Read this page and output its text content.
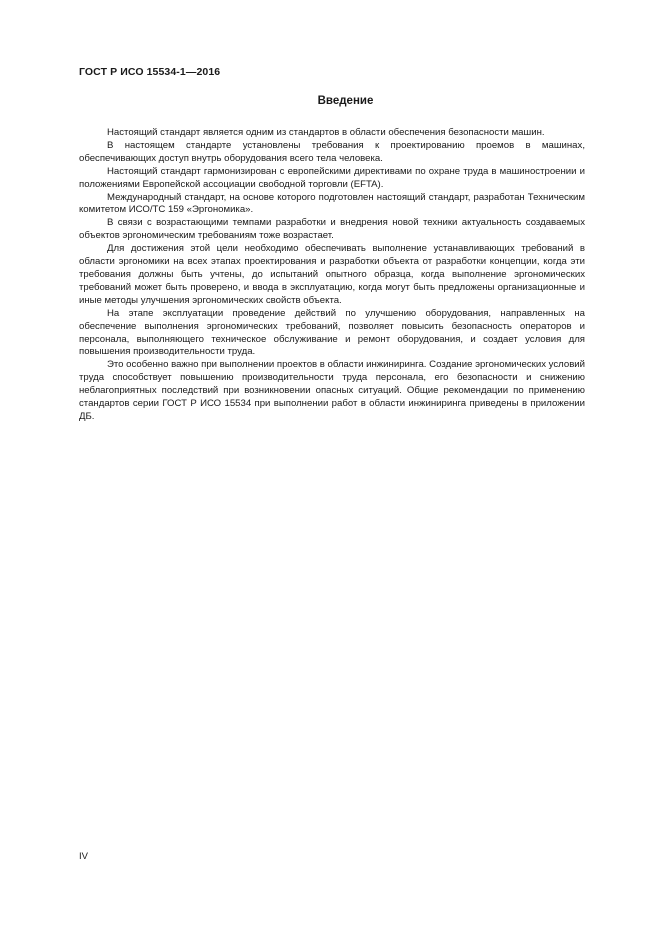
ГОСТ Р ИСО 15534-1—2016
Введение

Настоящий стандарт является одним из стандартов в области обеспечения безопасности машин.

В настоящем стандарте установлены требования к проектированию проемов в машинах, обеспечивающих доступ внутрь оборудования всего тела человека.

Настоящий стандарт гармонизирован с европейскими директивами по охране труда в машиностроении и положениями Европейской ассоциации свободной торговли (EFTA).

Международный стандарт, на основе которого подготовлен настоящий стандарт, разработан Техническим комитетом ИСО/ТС 159 «Эргономика».

В связи с возрастающими темпами разработки и внедрения новой техники актуальность создаваемых объектов эргономическим требованиям тоже возрастает.

Для достижения этой цели необходимо обеспечивать выполнение устанавливающих требований в области эргономики на всех этапах проектирования и разработки объекта от разработки концепции, когда эти требования должны быть учтены, до испытаний опытного образца, когда выполнение эргономических требований может быть проверено, и ввода в эксплуатацию, когда могут быть предложены организационные и иные методы улучшения эргономических свойств объекта.

На этапе эксплуатации проведение действий по улучшению оборудования, направленных на обеспечение выполнения эргономических требований, позволяет повысить безопасность операторов и персонала, выполняющего техническое обслуживание и ремонт оборудования, и создает условия для повышения производительности труда.

Это особенно важно при выполнении проектов в области инжиниринга. Создание эргономических условий труда способствует повышению производительности труда персонала, его безопасности и снижению неблагоприятных последствий при возникновении опасных ситуаций. Общие рекомендации по применению стандартов серии ГОСТ Р ИСО 15534 при выполнении работ в области инжиниринга приведены в приложении ДБ.

IV
